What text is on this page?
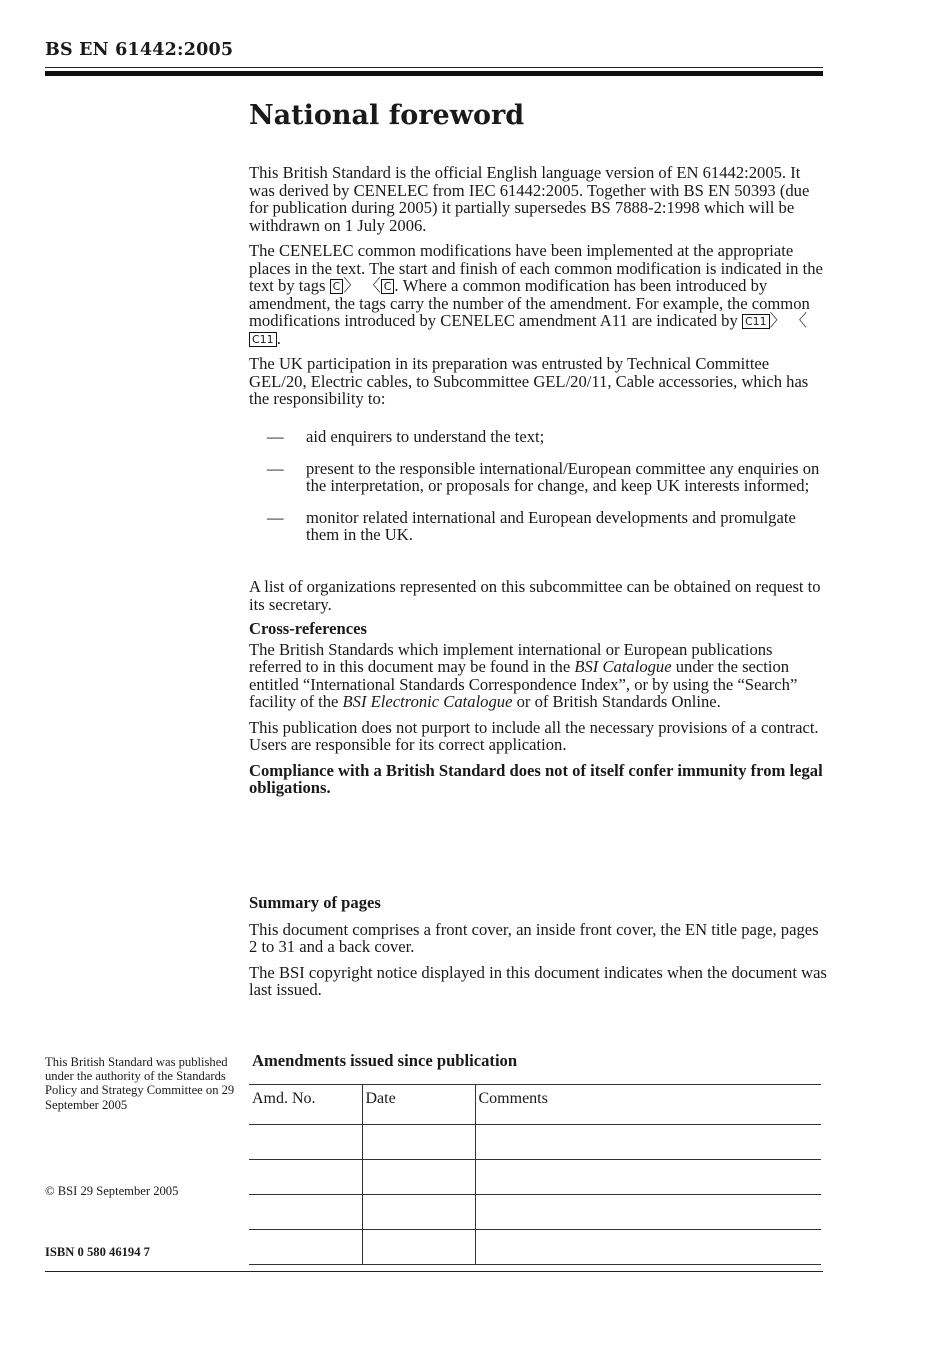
BS EN 61442:2005
National foreword

This British Standard is the official English language version of EN 61442:2005. It was derived by CENELEC from IEC 61442:2005. Together with BS EN 50393 (due for publication during 2005) it partially supersedes BS 7888-2:1998 which will be withdrawn on 1 July 2006.

The CENELEC common modifications have been implemented at the appropriate places in the text. The start and finish of each common modification is indicated in the text by tags C 〉 〈 C . Where a common modification has been introduced by amendment, the tags carry the number of the amendment. For example, the common modifications introduced by CENELEC amendment A11 are indicated by C11 〉 〈C11 .

The UK participation in its preparation was entrusted by Technical Committee GEL/20, Electric cables, to Subcommittee GEL/20/11, Cable accessories, which has the responsibility to:

— aid enquirers to understand the text;
— present to the responsible international/European committee any enquiries on the interpretation, or proposals for change, and keep UK interests informed;
— monitor related international and European developments and promulgate them in the UK.

A list of organizations represented on this subcommittee can be obtained on request to its secretary.

Cross-references

The British Standards which implement international or European publications referred to in this document may be found in the BSI Catalogue under the section entitled “International Standards Correspondence Index”, or by using the “Search” facility of the BSI Electronic Catalogue or of British Standards Online.

This publication does not purport to include all the necessary provisions of a contract. Users are responsible for its correct application.

Compliance with a British Standard does not of itself confer immunity from legal obligations.

Summary of pages

This document comprises a front cover, an inside front cover, the EN title page, pages 2 to 31 and a back cover.

The BSI copyright notice displayed in this document indicates when the document was last issued.

This British Standard was published under the authority of the Standards Policy and Strategy Committee on 29 September 2005
© BSI 29 September 2005
ISBN 0 580 46194 7
Amendments issued since publication
Amd. No.	Date	Comments
